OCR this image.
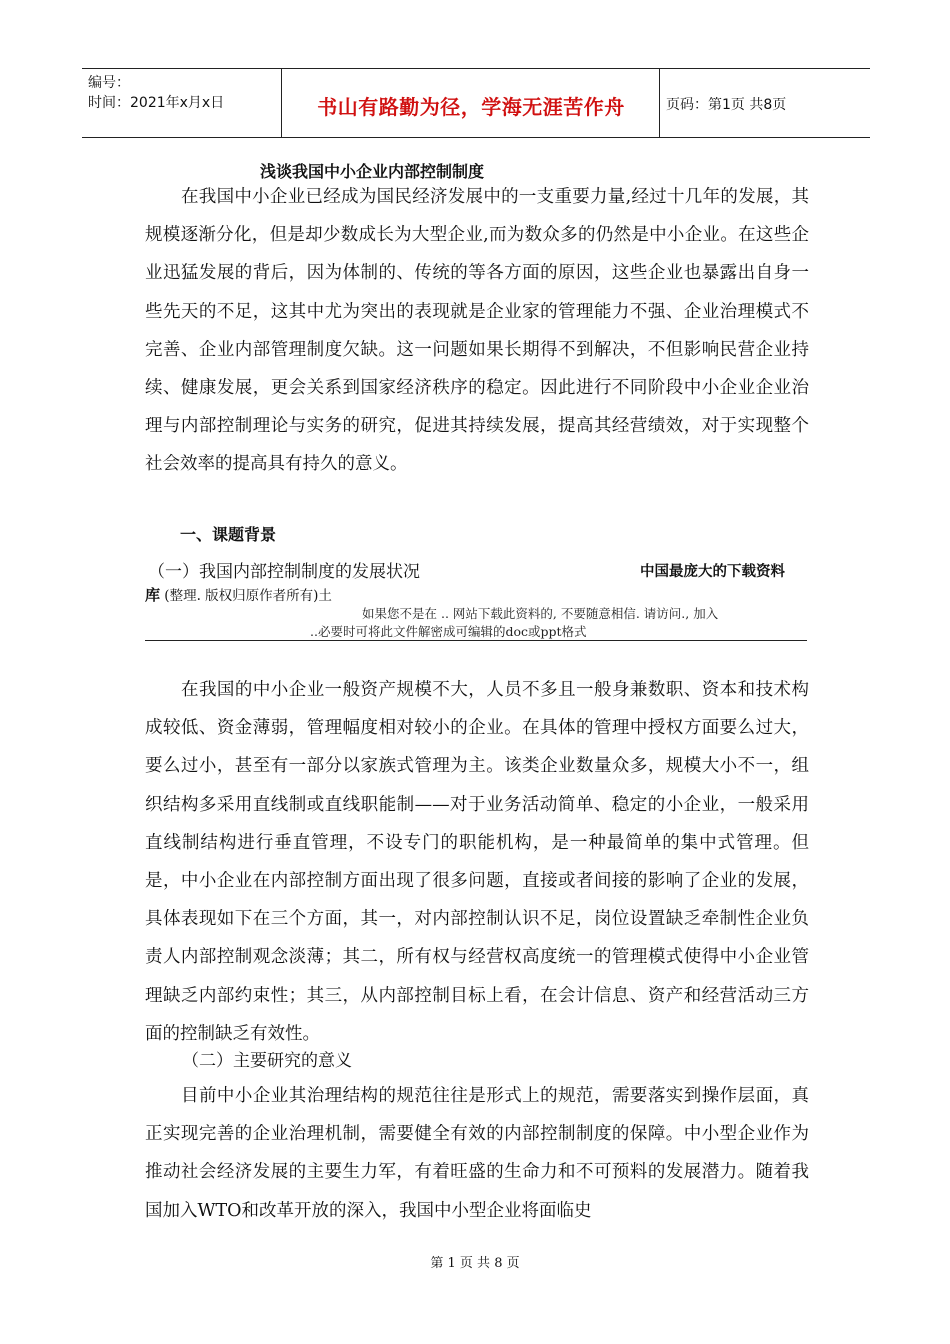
编号：
时间：2021年x月x日	书山有路勤为径，学海无涯苦作舟	页码：第1页 共8页
浅谈我国中小企业内部控制制度

在我国中小企业已经成为国民经济发展中的一支重要力量,经过十几年的发展，其规模逐渐分化，但是却少数成长为大型企业,而为数众多的仍然是中小企业。在这些企业迅猛发展的背后，因为体制的、传统的等各方面的原因，这些企业也暴露出自身一些先天的不足，这其中尤为突出的表现就是企业家的管理能力不强、企业治理模式不完善、企业内部管理制度欠缺。这一问题如果长期得不到解决，不但影响民营企业持续、健康发展，更会关系到国家经济秩序的稳定。因此进行不同阶段中小企业企业治理与内部控制理论与实务的研究，促进其持续发展，提高其经营绩效，对于实现整个社会效率的提高具有持久的意义。

一、课题背景
（一）我国内部控制制度的发展状况	中国最庞大的下载资料
库 (整理. 版权归原作者所有)土
如果您不是在 .. 网站下载此资料的, 不要随意相信. 请访问., 加入
..必要时可将此文件解密成可编辑的doc或ppt格式

在我国的中小企业一般资产规模不大，人员不多且一般身兼数职、资本和技术构成较低、资金薄弱，管理幅度相对较小的企业。在具体的管理中授权方面要么过大，要么过小，甚至有一部分以家族式管理为主。该类企业数量众多，规模大小不一，组织结构多采用直线制或直线职能制——对于业务活动简单、稳定的小企业，一般采用直线制结构进行垂直管理，不设专门的职能机构，是一种最简单的集中式管理。但是，中小企业在内部控制方面出现了很多问题，直接或者间接的影响了企业的发展，具体表现如下在三个方面，其一，对内部控制认识不足，岗位设置缺乏牵制性企业负责人内部控制观念淡薄；其二，所有权与经营权高度统一的管理模式使得中小企业管理缺乏内部约束性；其三，从内部控制目标上看，在会计信息、资产和经营活动三方面的控制缺乏有效性。

（二）主要研究的意义

目前中小企业其治理结构的规范往往是形式上的规范，需要落实到操作层面，真正实现完善的企业治理机制，需要健全有效的内部控制制度的保障。中小型企业作为推动社会经济发展的主要生力军，有着旺盛的生命力和不可预料的发展潜力。随着我国加入WTO和改革开放的深入，我国中小型企业将面临史

第 1 页 共 8 页
